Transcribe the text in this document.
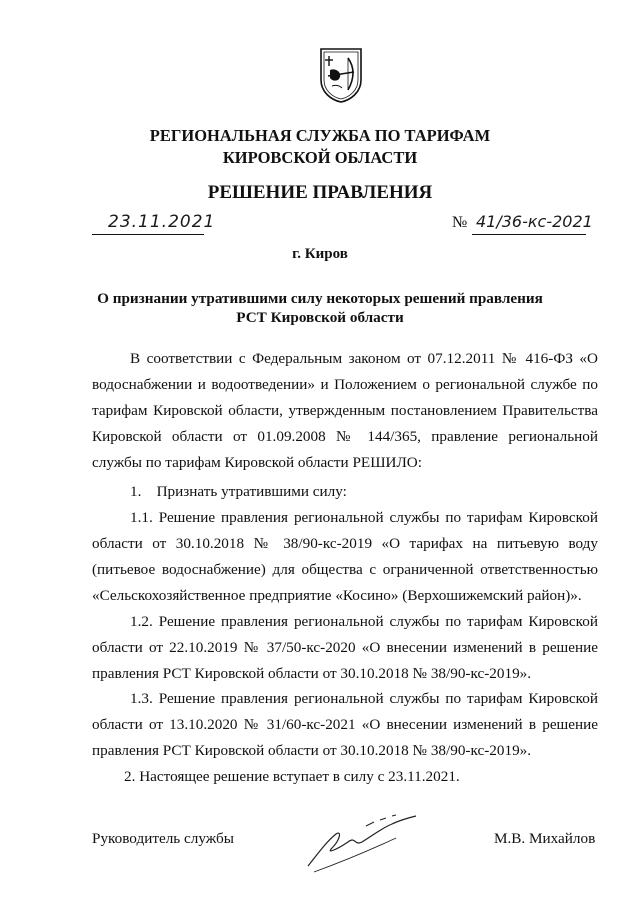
РЕГИОНАЛЬНАЯ СЛУЖБА ПО ТАРИФАМ
КИРОВСКОЙ ОБЛАСТИ
РЕШЕНИЕ ПРАВЛЕНИЯ
23.11.2021	№ 41/36-кс-2021
г. Киров
О признании утратившими силу некоторых решений правления
РСТ Кировской области
В соответствии с Федеральным законом от 07.12.2011 № 416-ФЗ «О водоснабжении и водоотведении» и Положением о региональной службе по тарифам Кировской области, утвержденным постановлением Правительства Кировской области от 01.09.2008 № 144/365, правление региональной службы по тарифам Кировской области РЕШИЛО:
1.    Признать утратившими силу:
1.1. Решение правления региональной службы по тарифам Кировской области от 30.10.2018 № 38/90-кс-2019 «О тарифах на питьевую воду (питьевое водоснабжение) для общества с ограниченной ответственностью «Сельскохозяйственное предприятие «Косино» (Верхошижемский район)».
1.2. Решение правления региональной службы по тарифам Кировской области от 22.10.2019 № 37/50-кс-2020 «О внесении изменений в решение правления РСТ Кировской области от 30.10.2018 № 38/90-кс-2019».
1.3. Решение правления региональной службы по тарифам Кировской области от 13.10.2020 № 31/60-кс-2021 «О внесении изменений в решение правления РСТ Кировской области от 30.10.2018 № 38/90-кс-2019».
2. Настоящее решение вступает в силу с 23.11.2021.
Руководитель службы	М.В. Михайлов
